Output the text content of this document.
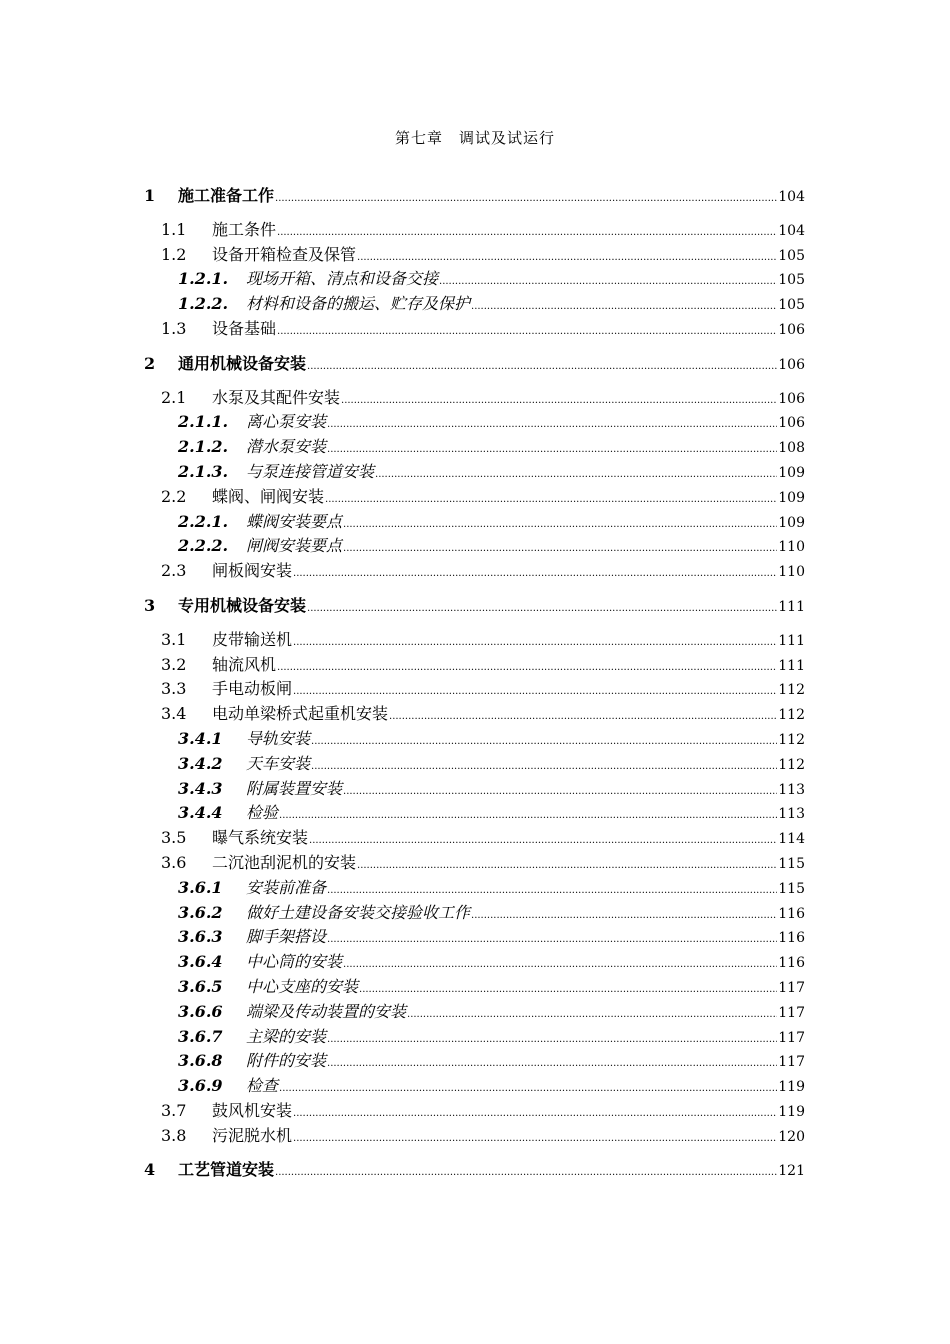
第七章　调试及试运行
1	施工准备工作 .....	104
1.1	施工条件 .....	104
1.2	设备开箱检查及保管 .....	105
1.2.1.	现场开箱、清点和设备交接 .....	105
1.2.2.	材料和设备的搬运、贮存及保护 .....	105
1.3	设备基础 .....	106
2	通用机械设备安装 .....	106
2.1	水泵及其配件安装 .....	106
2.1.1.	离心泵安装 .....	106
2.1.2.	潜水泵安装 .....	108
2.1.3.	与泵连接管道安装 .....	109
2.2	蝶阀、闸阀安装 .....	109
2.2.1.	蝶阀安装要点 .....	109
2.2.2.	闸阀安装要点 .....	110
2.3	闸板阀安装 .....	110
3	专用机械设备安装 .....	111
3.1	皮带输送机 .....	111
3.2	轴流风机 .....	111
3.3	手电动板闸 .....	112
3.4	电动单梁桥式起重机安装 .....	112
3.4.1	导轨安装 .....	112
3.4.2	天车安装 .....	112
3.4.3	附属装置安装 .....	113
3.4.4	检验 .....	113
3.5	曝气系统安装 .....	114
3.6	二沉池刮泥机的安装 .....	115
3.6.1	安装前准备 .....	115
3.6.2	做好土建设备安装交接验收工作 .....	116
3.6.3	脚手架搭设 .....	116
3.6.4	中心筒的安装 .....	116
3.6.5	中心支座的安装 .....	117
3.6.6	端梁及传动装置的安装 .....	117
3.6.7	主梁的安装 .....	117
3.6.8	附件的安装 .....	117
3.6.9	检查 .....	119
3.7	鼓风机安装 .....	119
3.8	污泥脱水机 .....	120
4	工艺管道安装 .....	121
